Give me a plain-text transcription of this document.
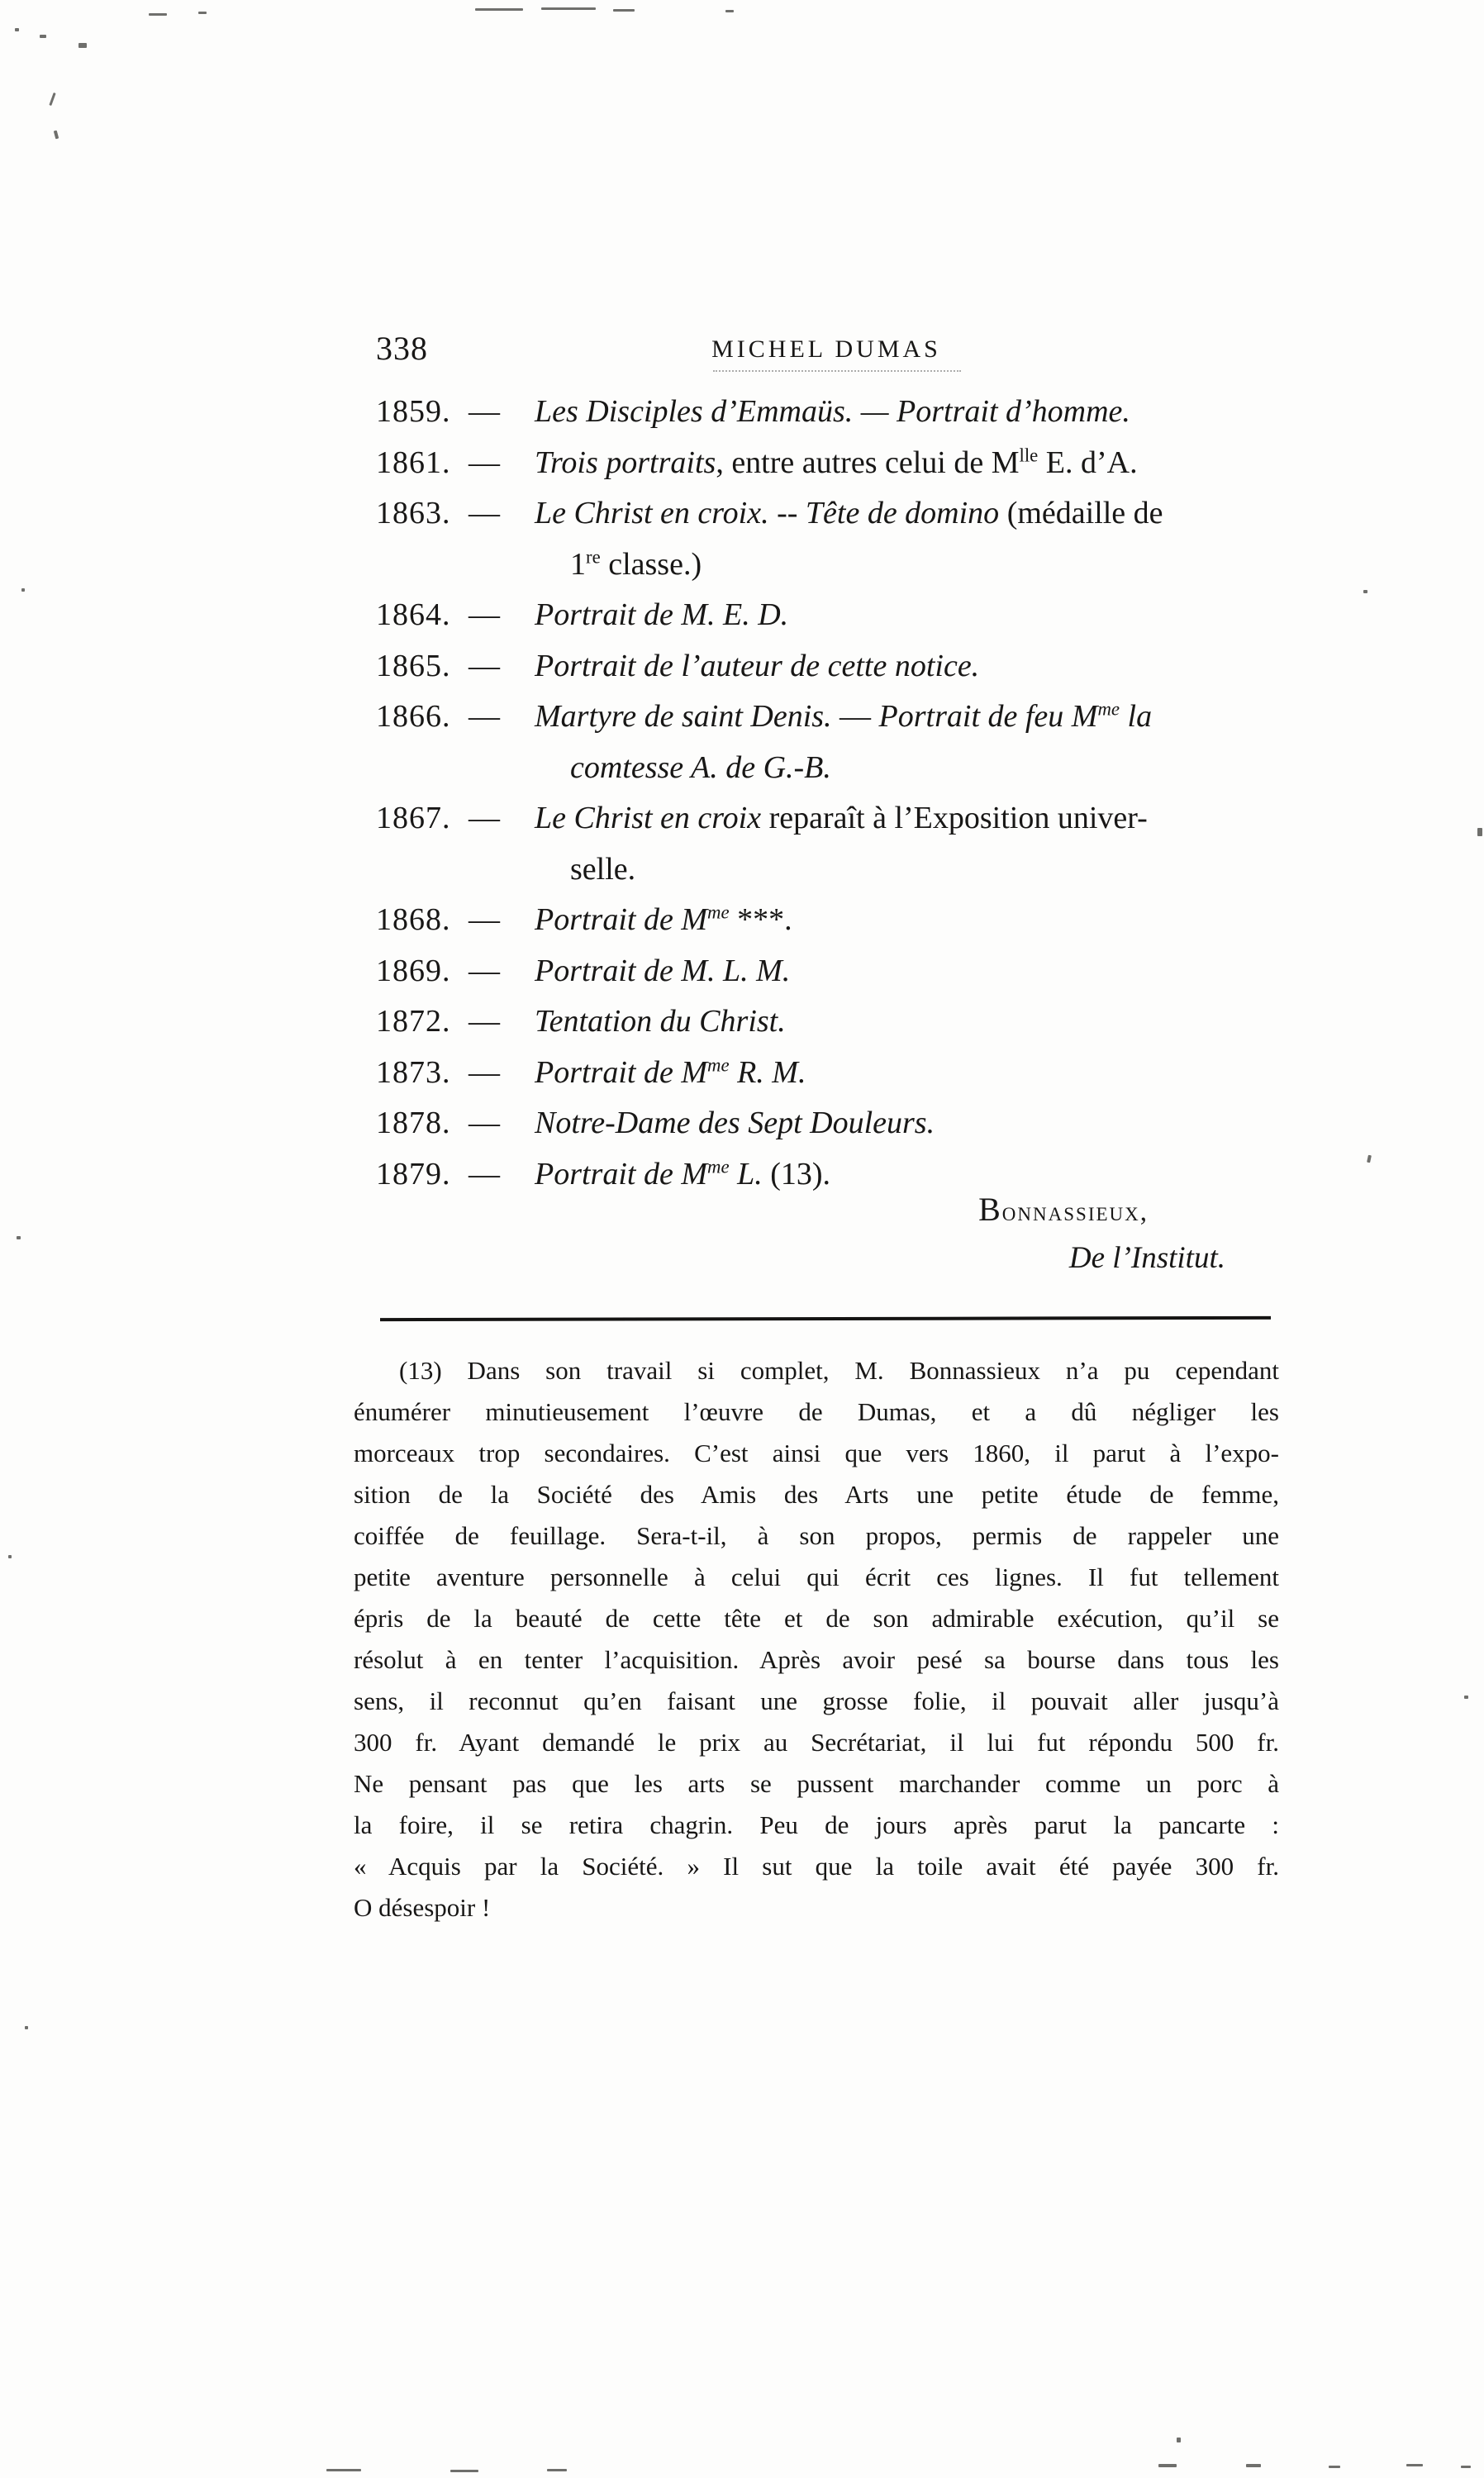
338	MICHEL DUMAS
1859. — Les Disciples d’Emmaüs. — Portrait d’homme.
1861. — Trois portraits, entre autres celui de $M^{lle}$ E. d’A.
1863. — Le Christ en croix. -- Tête de domino (médaille de
1re classe.)
1864. — Portrait de M. E. D.
1865. — Portrait de l’auteur de cette notice.
1866. — Martyre de saint Denis. — Portrait de feu $M^{me}$ la
comtesse A. de G.-B.
1867. — Le Christ en croix reparaît à l’Exposition univer-
selle.
1868. — Portrait de $M^{me}$ ***.
1869. — Portrait de M. L. M.
1872. — Tentation du Christ.
1873. — Portrait de $M^{me}$ R. M.
1878. — Notre-Dame des Sept Douleurs.
1879. — Portrait de $M^{me}$ L. (13).
Bonnassieux,
De l’Institut.
(13) Dans son travail si complet, M. Bonnassieux n’a pu cependant
énumérer minutieusement l’œuvre de Dumas, et a dû négliger les
morceaux trop secondaires. C’est ainsi que vers 1860, il parut à l’expo-
sition de la Société des Amis des Arts une petite étude de femme,
coiffée de feuillage. Sera-t-il, à son propos, permis de rappeler une
petite aventure personnelle à celui qui écrit ces lignes. Il fut tellement
épris de la beauté de cette tête et de son admirable exécution, qu’il se
résolut à en tenter l’acquisition. Après avoir pesé sa bourse dans tous les
sens, il reconnut qu’en faisant une grosse folie, il pouvait aller jusqu’à
300 fr. Ayant demandé le prix au Secrétariat, il lui fut répondu 500 fr.
Ne pensant pas que les arts se pussent marchander comme un porc à
la foire, il se retira chagrin. Peu de jours après parut la pancarte :
« Acquis par la Société. » Il sut que la toile avait été payée 300 fr.
O désespoir !
